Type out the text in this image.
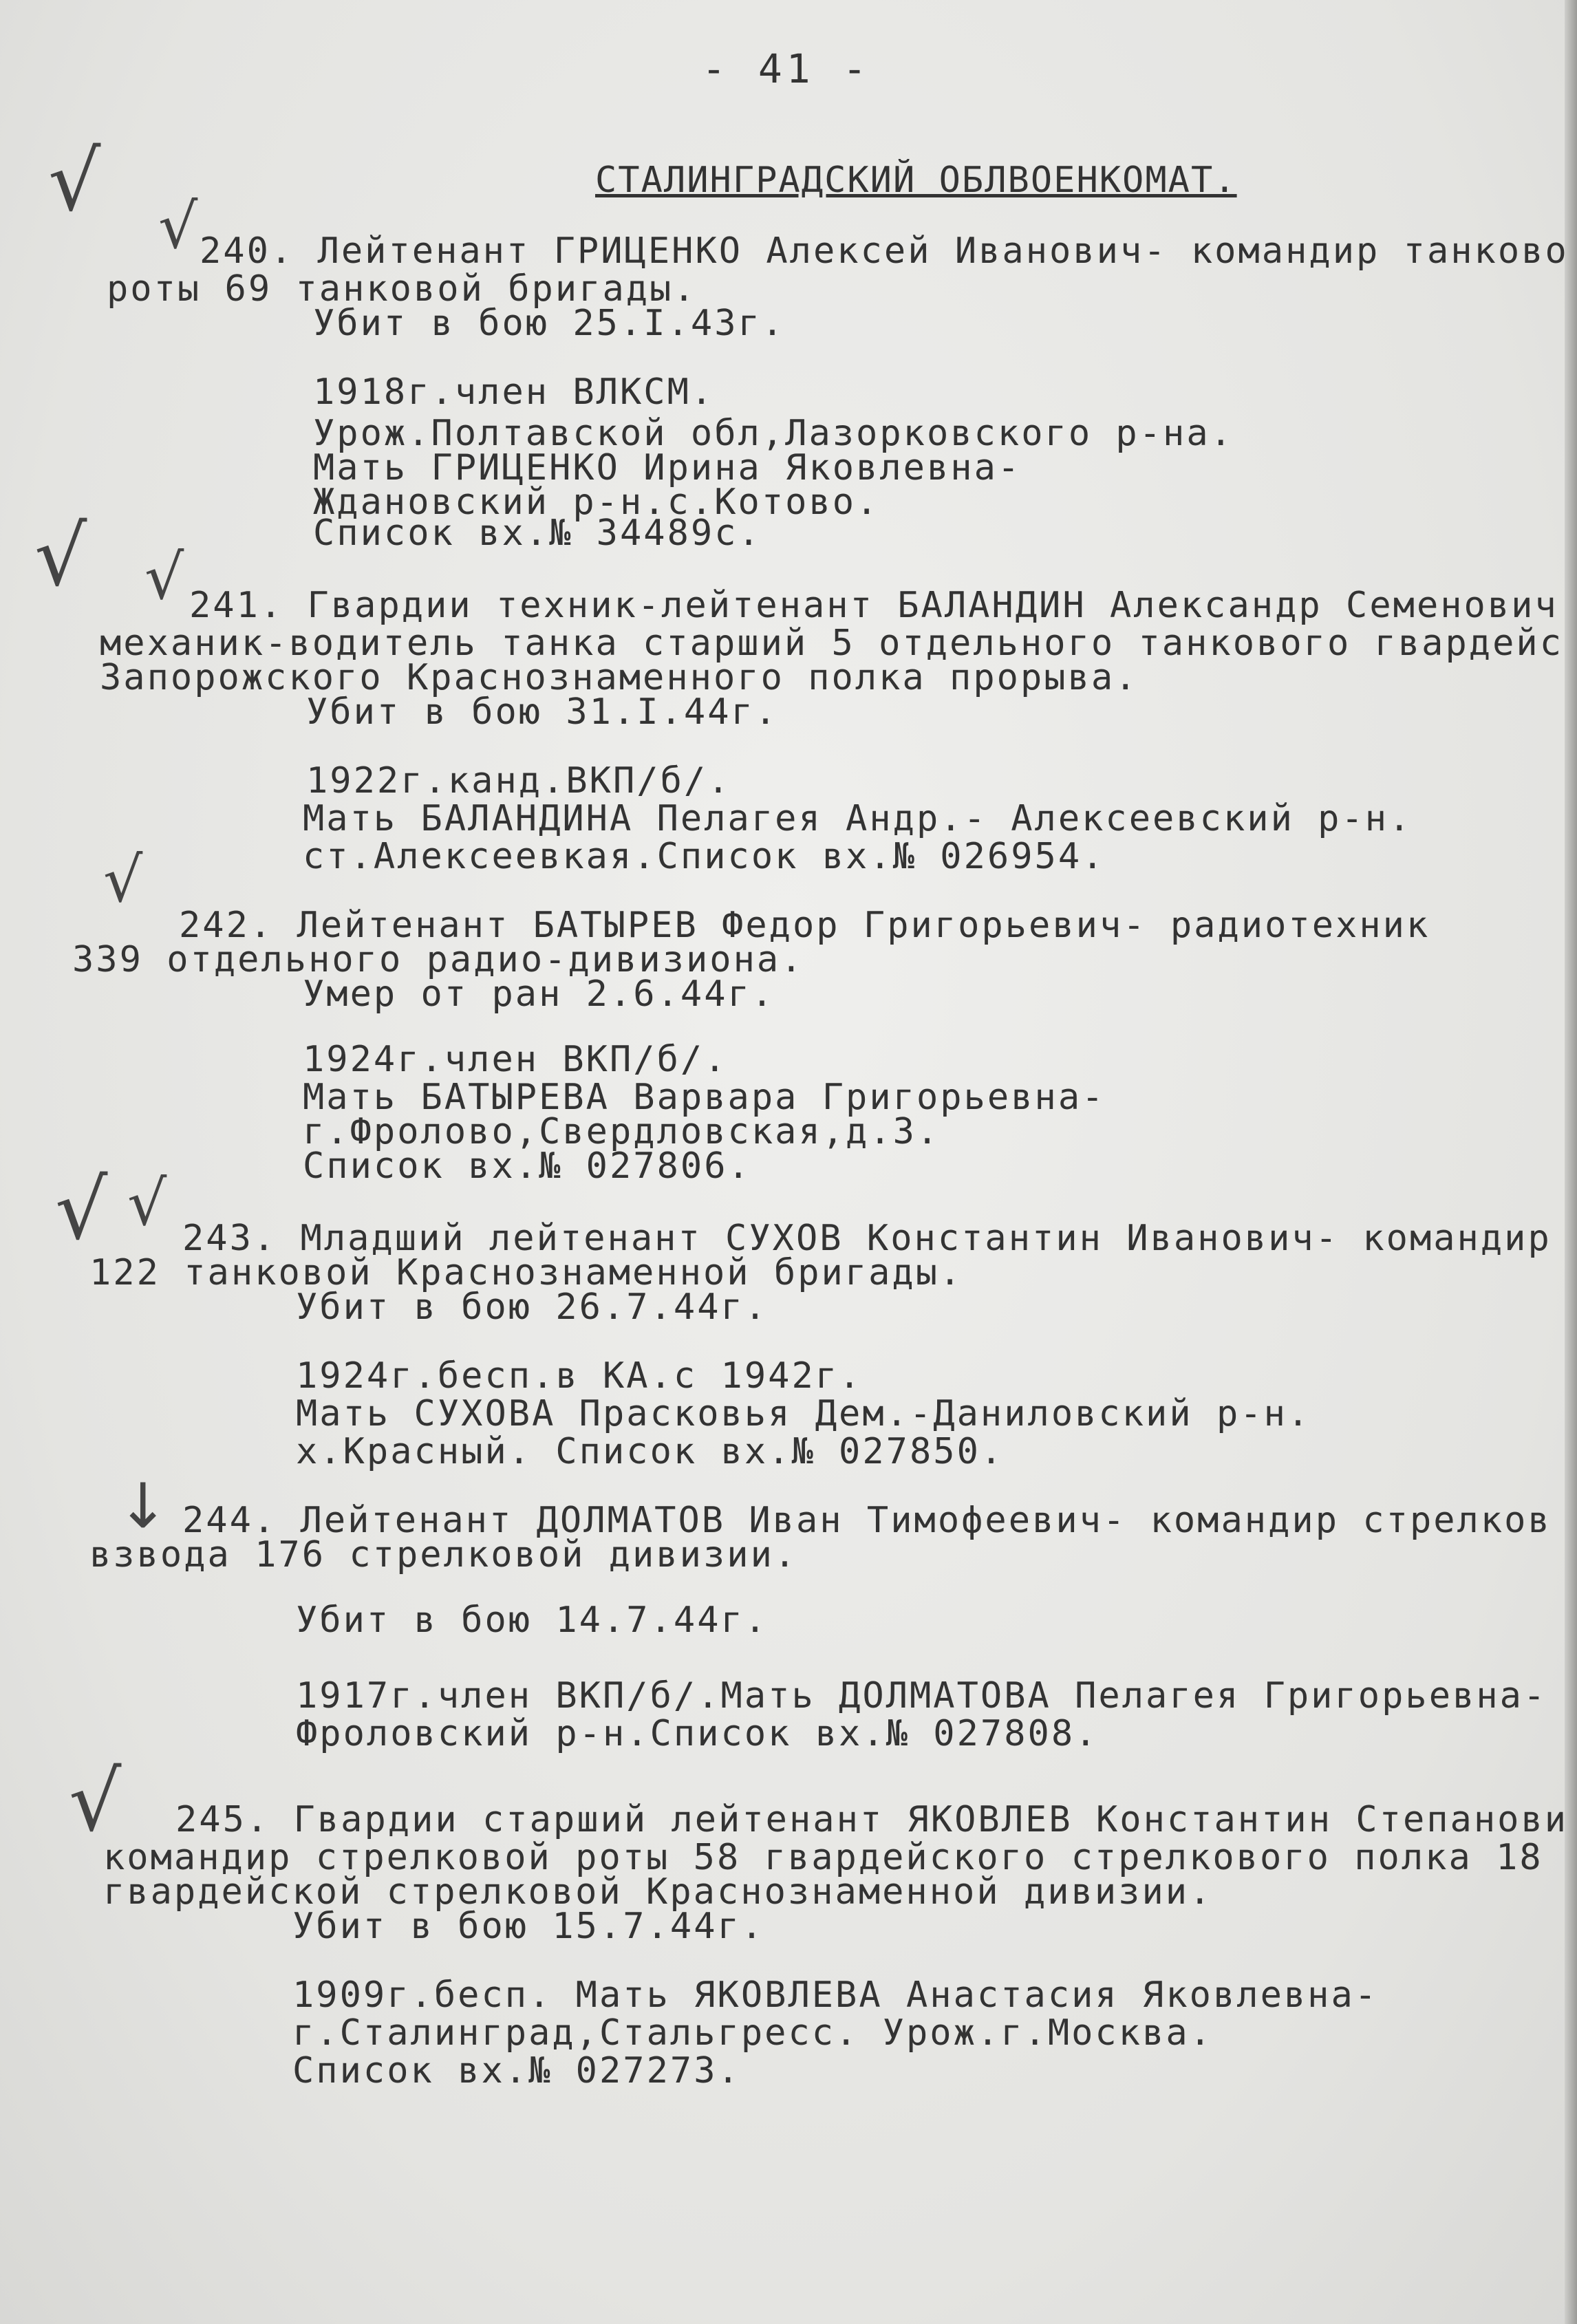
- 41 -
СТАЛИНГРАДСКИЙ ОБЛВОЕНКОМАТ.
√ √
√ √
√
√ √
↓
√
240. Лейтенант ГРИЦЕНКО Алексей Иванович- командир танково
роты 69 танковой бригады.
Убит в бою 25.I.43г.
1918г.член ВЛКСМ.
Урож.Полтавской обл,Лазорковского р-на.
Мать ГРИЦЕНКО Ирина Яковлевна-
Ждановский р-н.с.Котово.
Список вх.№ 34489с.
241. Гвардии техник-лейтенант БАЛАНДИН Александр Семенович
механик-водитель танка старший 5 отдельного танкового гвардейс
Запорожского Краснознаменного полка прорыва.
Убит в бою 31.I.44г.
1922г.канд.ВКП/б/.
Мать БАЛАНДИНА Пелагея Андр.- Алексеевский р-н.
ст.Алексеевкая.Список вх.№ 026954.
242. Лейтенант БАТЫРЕВ Федор Григорьевич- радиотехник
339 отдельного радио-дивизиона.
Умер от ран 2.6.44г.
1924г.член ВКП/б/.
Мать БАТЫРЕВА Варвара Григорьевна-
г.Фролово,Свердловская,д.3.
Список вх.№ 027806.
243. Младший лейтенант СУХОВ Константин Иванович- командир
122 танковой Краснознаменной бригады.
Убит в бою 26.7.44г.
1924г.беcп.в КА.с 1942г.
Мать СУХОВА Прасковья Дем.-Даниловский р-н.
х.Красный. Список вх.№ 027850.
244. Лейтенант ДОЛМАТОВ Иван Тимофеевич- командир стрелков
взвода 176 стрелковой дивизии.
Убит в бою 14.7.44г.
1917г.член ВКП/б/.Мать ДОЛМАТОВА Пелагея Григорьевна-
Фроловский р-н.Список вх.№ 027808.
245. Гвардии старший лейтенант ЯКОВЛЕВ Константин Степанови
командир стрелковой роты 58 гвардейского стрелкового полка 18
гвардейской стрелковой Краснознаменной дивизии.
Убит в бою 15.7.44г.
1909г.бесп. Мать ЯКОВЛЕВА Анастасия Яковлевна-
г.Сталинград,Стальгресс. Урож.г.Москва.
Список вх.№ 027273.
